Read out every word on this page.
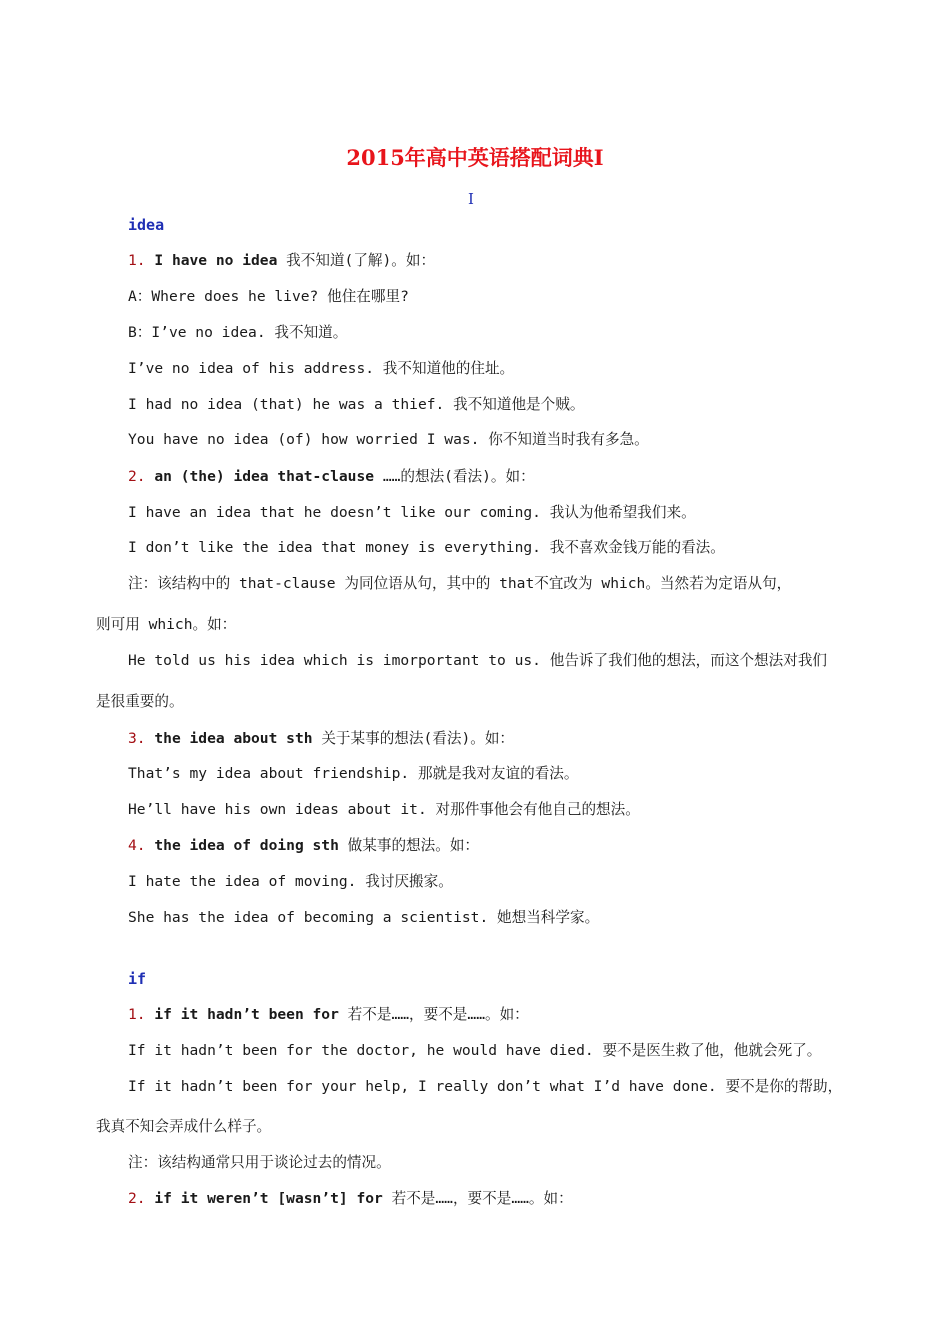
2015年高中英语搭配词典I
I
idea
1. I have no idea 我不知道(了解)。如：
A：Where does he live? 他住在哪里?
B：I’ve no idea. 我不知道。
I’ve no idea of his address. 我不知道他的住址。
I had no idea (that) he was a thief. 我不知道他是个贼。
You have no idea (of) how worried I was. 你不知道当时我有多急。
2. an (the) idea that-clause ……的想法(看法)。如：
I have an idea that he doesn’t like our coming. 我认为他希望我们来。
I don’t like the idea that money is everything. 我不喜欢金钱万能的看法。
注：该结构中的 that-clause 为同位语从句，其中的 that不宜改为 which。当然若为定语从句，
则可用 which。如：
He told us his idea which is imorportant to us. 他告诉了我们他的想法，而这个想法对我们
是很重要的。
3. the idea about sth 关于某事的想法(看法)。如：
That’s my idea about friendship. 那就是我对友谊的看法。
He’ll have his own ideas about it. 对那件事他会有他自己的想法。
4. the idea of doing sth 做某事的想法。如：
I hate the idea of moving. 我讨厌搬家。
She has the idea of becoming a scientist. 她想当科学家。
if
1. if it hadn’t been for 若不是……，要不是……。如：
If it hadn’t been for the doctor, he would have died. 要不是医生救了他，他就会死了。
If it hadn’t been for your help, I really don’t what I’d have done. 要不是你的帮助，
我真不知会弄成什么样子。
注：该结构通常只用于谈论过去的情况。
2. if it weren’t [wasn’t] for 若不是……，要不是……。如：
